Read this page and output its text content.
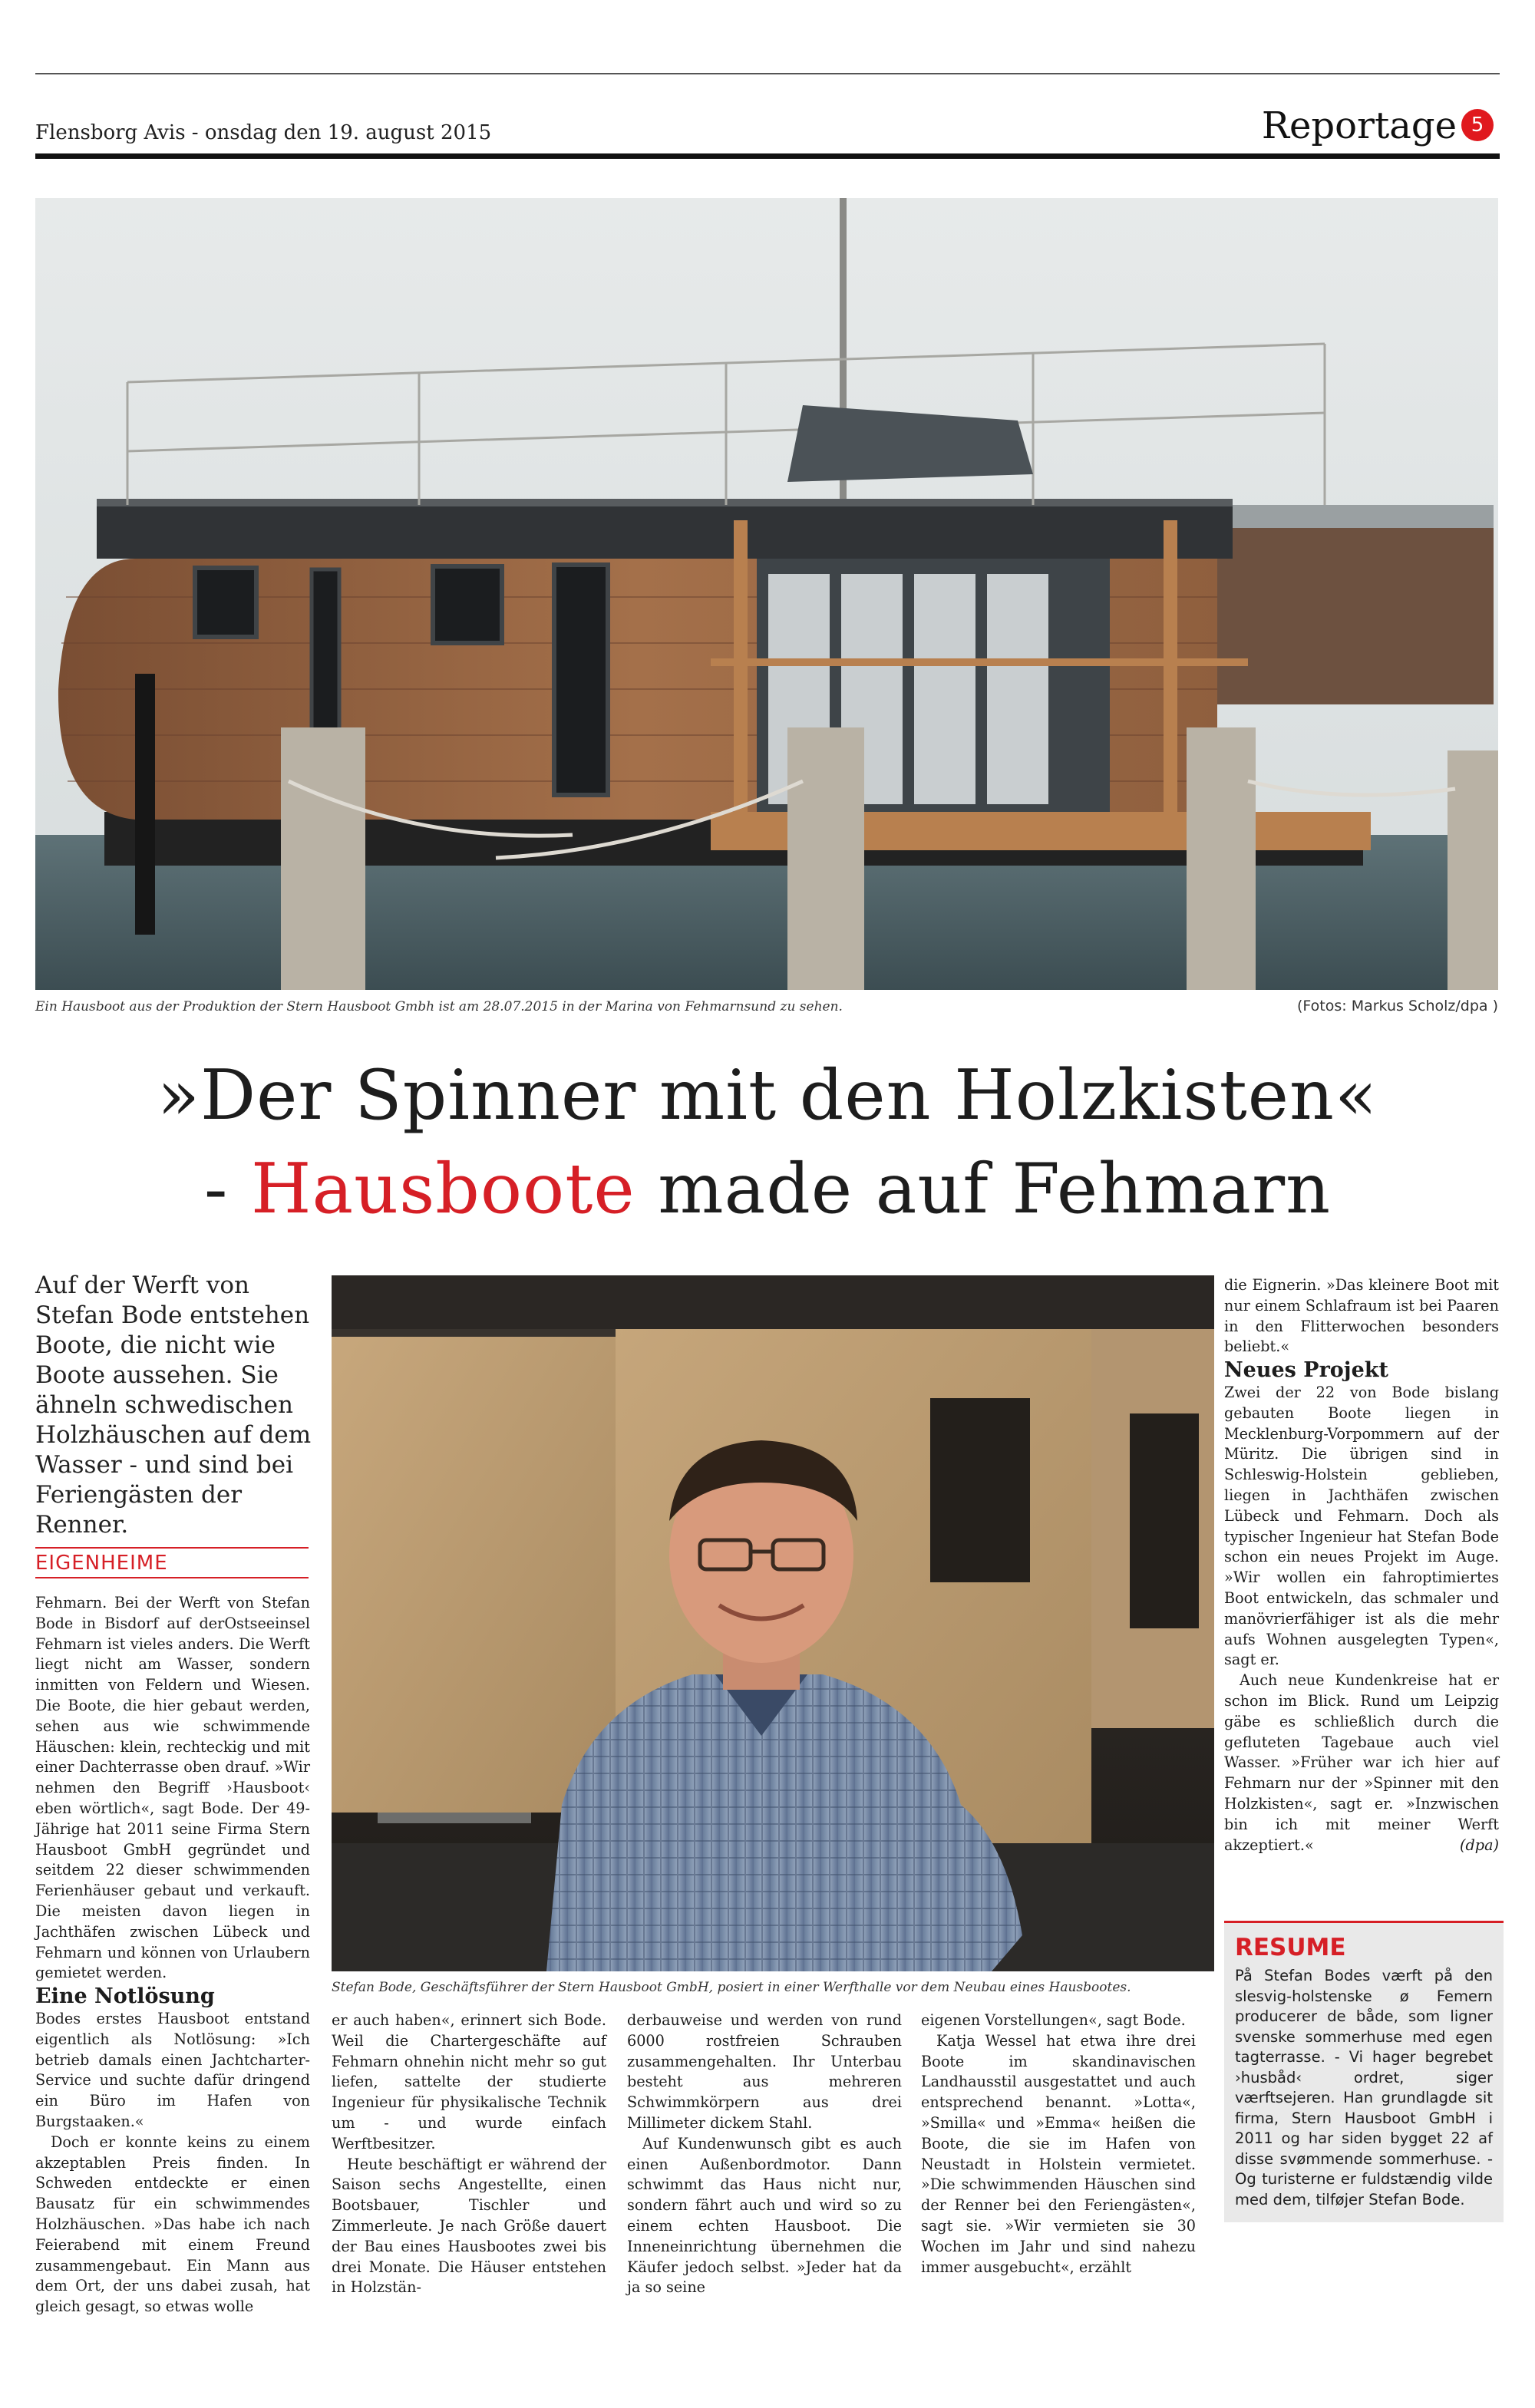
Flensborg Avis - onsdag den 19. august 2015	Reportage 5
Ein Hausboot aus der Produktion der Stern Hausboot Gmbh ist am 28.07.2015 in der Marina von Fehmarnsund zu sehen.	(Fotos: Markus Scholz/dpa )
»Der Spinner mit den Holzkisten«
- Hausboote made auf Fehmarn
Auf der Werft von Stefan Bode entstehen Boote, die nicht wie Boote aussehen. Sie ähneln schwedischen Holzhäuschen auf dem Wasser - und sind bei Feriengästen der Renner.
EIGENHEIME

Fehmarn. Bei der Werft von Stefan Bode in Bisdorf auf derOstseeinsel Fehmarn ist vieles anders. Die Werft liegt nicht am Wasser, sondern inmitten von Feldern und Wiesen. Die Boote, die hier gebaut werden, sehen aus wie schwimmende Häuschen: klein, rechteckig und mit einer Dachterrasse oben drauf. »Wir nehmen den Begriff ›Hausboot‹ eben wörtlich«, sagt Bode. Der 49-Jährige hat 2011 seine Firma Stern Hausboot GmbH gegründet und seitdem 22 dieser schwimmenden Ferienhäuser gebaut und verkauft. Die meisten davon liegen in Jachthäfen zwischen Lübeck und Fehmarn und können von Urlaubern gemietet werden.

Eine Notlösung

Bodes erstes Hausboot entstand eigentlich als Notlösung: »Ich betrieb damals einen Jachtcharter-Service und suchte dafür dringend ein Büro im Hafen von Burgstaaken.«

Doch er konnte keins zu einem akzeptablen Preis finden. In Schweden entdeckte er einen Bausatz für ein schwimmendes Holzhäuschen. »Das habe ich nach Feierabend mit einem Freund zusammengebaut. Ein Mann aus dem Ort, der uns dabei zusah, hat gleich gesagt, so etwas wolle

Stefan Bode, Geschäftsführer der Stern Hausboot GmbH, posiert in einer Werfthalle vor dem Neubau eines Hausbootes.

er auch haben«, erinnert sich Bode. Weil die Chartergeschäfte auf Fehmarn ohnehin nicht mehr so gut liefen, sattelte der studierte Ingenieur für physikalische Technik um - und wurde einfach Werftbesitzer.

Heute beschäftigt er während der Saison sechs Angestellte, einen Bootsbauer, Tischler und Zimmerleute. Je nach Größe dauert der Bau eines Hausbootes zwei bis drei Monate. Die Häuser entstehen in Holzstän-

derbauweise und werden von rund 6000 rostfreien Schrauben zusammengehalten. Ihr Unterbau besteht aus mehreren Schwimmkörpern aus drei Millimeter dickem Stahl.

Auf Kundenwunsch gibt es auch einen Außenbordmotor. Dann schwimmt das Haus nicht nur, sondern fährt auch und wird so zu einem echten Hausboot. Die Inneneinrichtung übernehmen die Käufer jedoch selbst. »Jeder hat da ja so seine

eigenen Vorstellungen«, sagt Bode.

Katja Wessel hat etwa ihre drei Boote im skandinavischen Landhausstil ausgestattet und auch entsprechend benannt. »Lotta«, »Smilla« und »Emma« heißen die Boote, die sie im Hafen von Neustadt in Holstein vermietet. »Die schwimmenden Häuschen sind der Renner bei den Feriengästen«, sagt sie. »Wir vermieten sie 30 Wochen im Jahr und sind nahezu immer ausgebucht«, erzählt

die Eignerin. »Das kleinere Boot mit nur einem Schlafraum ist bei Paaren in den Flitterwochen besonders beliebt.«

Neues Projekt

Zwei der 22 von Bode bislang gebauten Boote liegen in Mecklenburg-Vorpommern auf der Müritz. Die übrigen sind in Schleswig-Holstein geblieben, liegen in Jachthäfen zwischen Lübeck und Fehmarn. Doch als typischer Ingenieur hat Stefan Bode schon ein neues Projekt im Auge. »Wir wollen ein fahroptimiertes Boot entwickeln, das schmaler und manövrierfähiger ist als die mehr aufs Wohnen ausgelegten Typen«, sagt er.

Auch neue Kundenkreise hat er schon im Blick. Rund um Leipzig gäbe es schließlich durch die gefluteten Tagebaue auch viel Wasser. »Früher war ich hier auf Fehmarn nur der »Spinner mit den Holzkisten«, sagt er. »Inzwischen bin ich mit meiner Werft akzeptiert.«	(dpa)

RESUME
På Stefan Bodes værft på den slesvig-holstenske ø Femern producerer de både, som ligner svenske sommerhuse med egen tagterrasse. - Vi hager begrebet ›husbåd‹ ordret, siger værftsejeren. Han grundlagde sit firma, Stern Hausboot GmbH i 2011 og har siden bygget 22 af disse svømmende sommerhuse. - Og turisterne er fuldstændig vilde med dem, tilføjer Stefan Bode.
